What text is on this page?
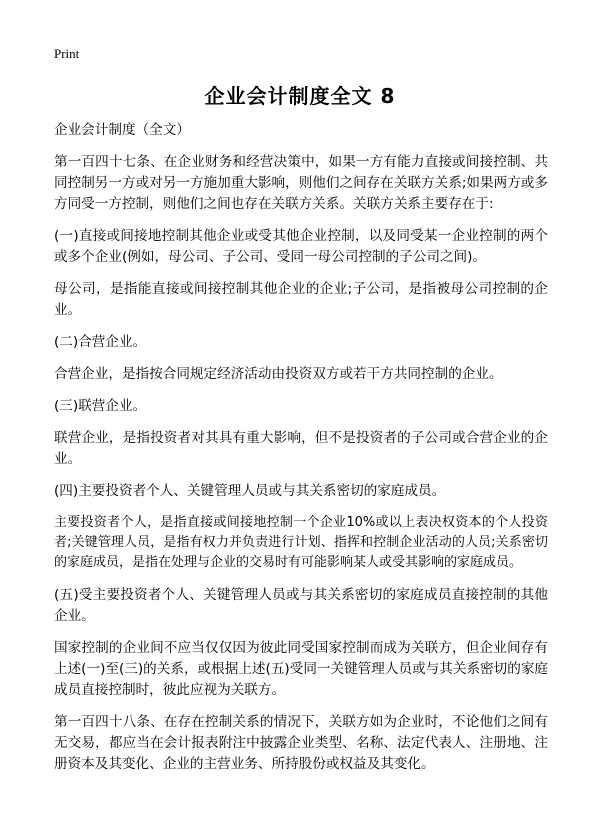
Print
企业会计制度全文 8

企业会计制度（全文）

第一百四十七条、在企业财务和经营决策中，如果一方有能力直接或间接控制、共同控制另一方或对另一方施加重大影响，则他们之间存在关联方关系;如果两方或多方同受一方控制，则他们之间也存在关联方关系。关联方关系主要存在于:

(一)直接或间接地控制其他企业或受其他企业控制，以及同受某一企业控制的两个或多个企业(例如，母公司、子公司、受同一母公司控制的子公司之间)。

母公司，是指能直接或间接控制其他企业的企业;子公司，是指被母公司控制的企业。

(二)合营企业。

合营企业，是指按合同规定经济活动由投资双方或若干方共同控制的企业。

(三)联营企业。

联营企业，是指投资者对其具有重大影响，但不是投资者的子公司或合营企业的企业。

(四)主要投资者个人、关键管理人员或与其关系密切的家庭成员。

主要投资者个人，是指直接或间接地控制一个企业10%或以上表决权资本的个人投资者;关键管理人员，是指有权力并负责进行计划、指挥和控制企业活动的人员;关系密切的家庭成员，是指在处理与企业的交易时有可能影响某人或受其影响的家庭成员。

(五)受主要投资者个人、关键管理人员或与其关系密切的家庭成员直接控制的其他企业。

国家控制的企业间不应当仅仅因为彼此同受国家控制而成为关联方，但企业间存有上述(一)至(三)的关系，或根据上述(五)受同一关键管理人员或与其关系密切的家庭成员直接控制时，彼此应视为关联方。

第一百四十八条、在存在控制关系的情况下，关联方如为企业时，不论他们之间有无交易，都应当在会计报表附注中披露企业类型、名称、法定代表人、注册地、注册资本及其变化、企业的主营业务、所持股份或权益及其变化。
